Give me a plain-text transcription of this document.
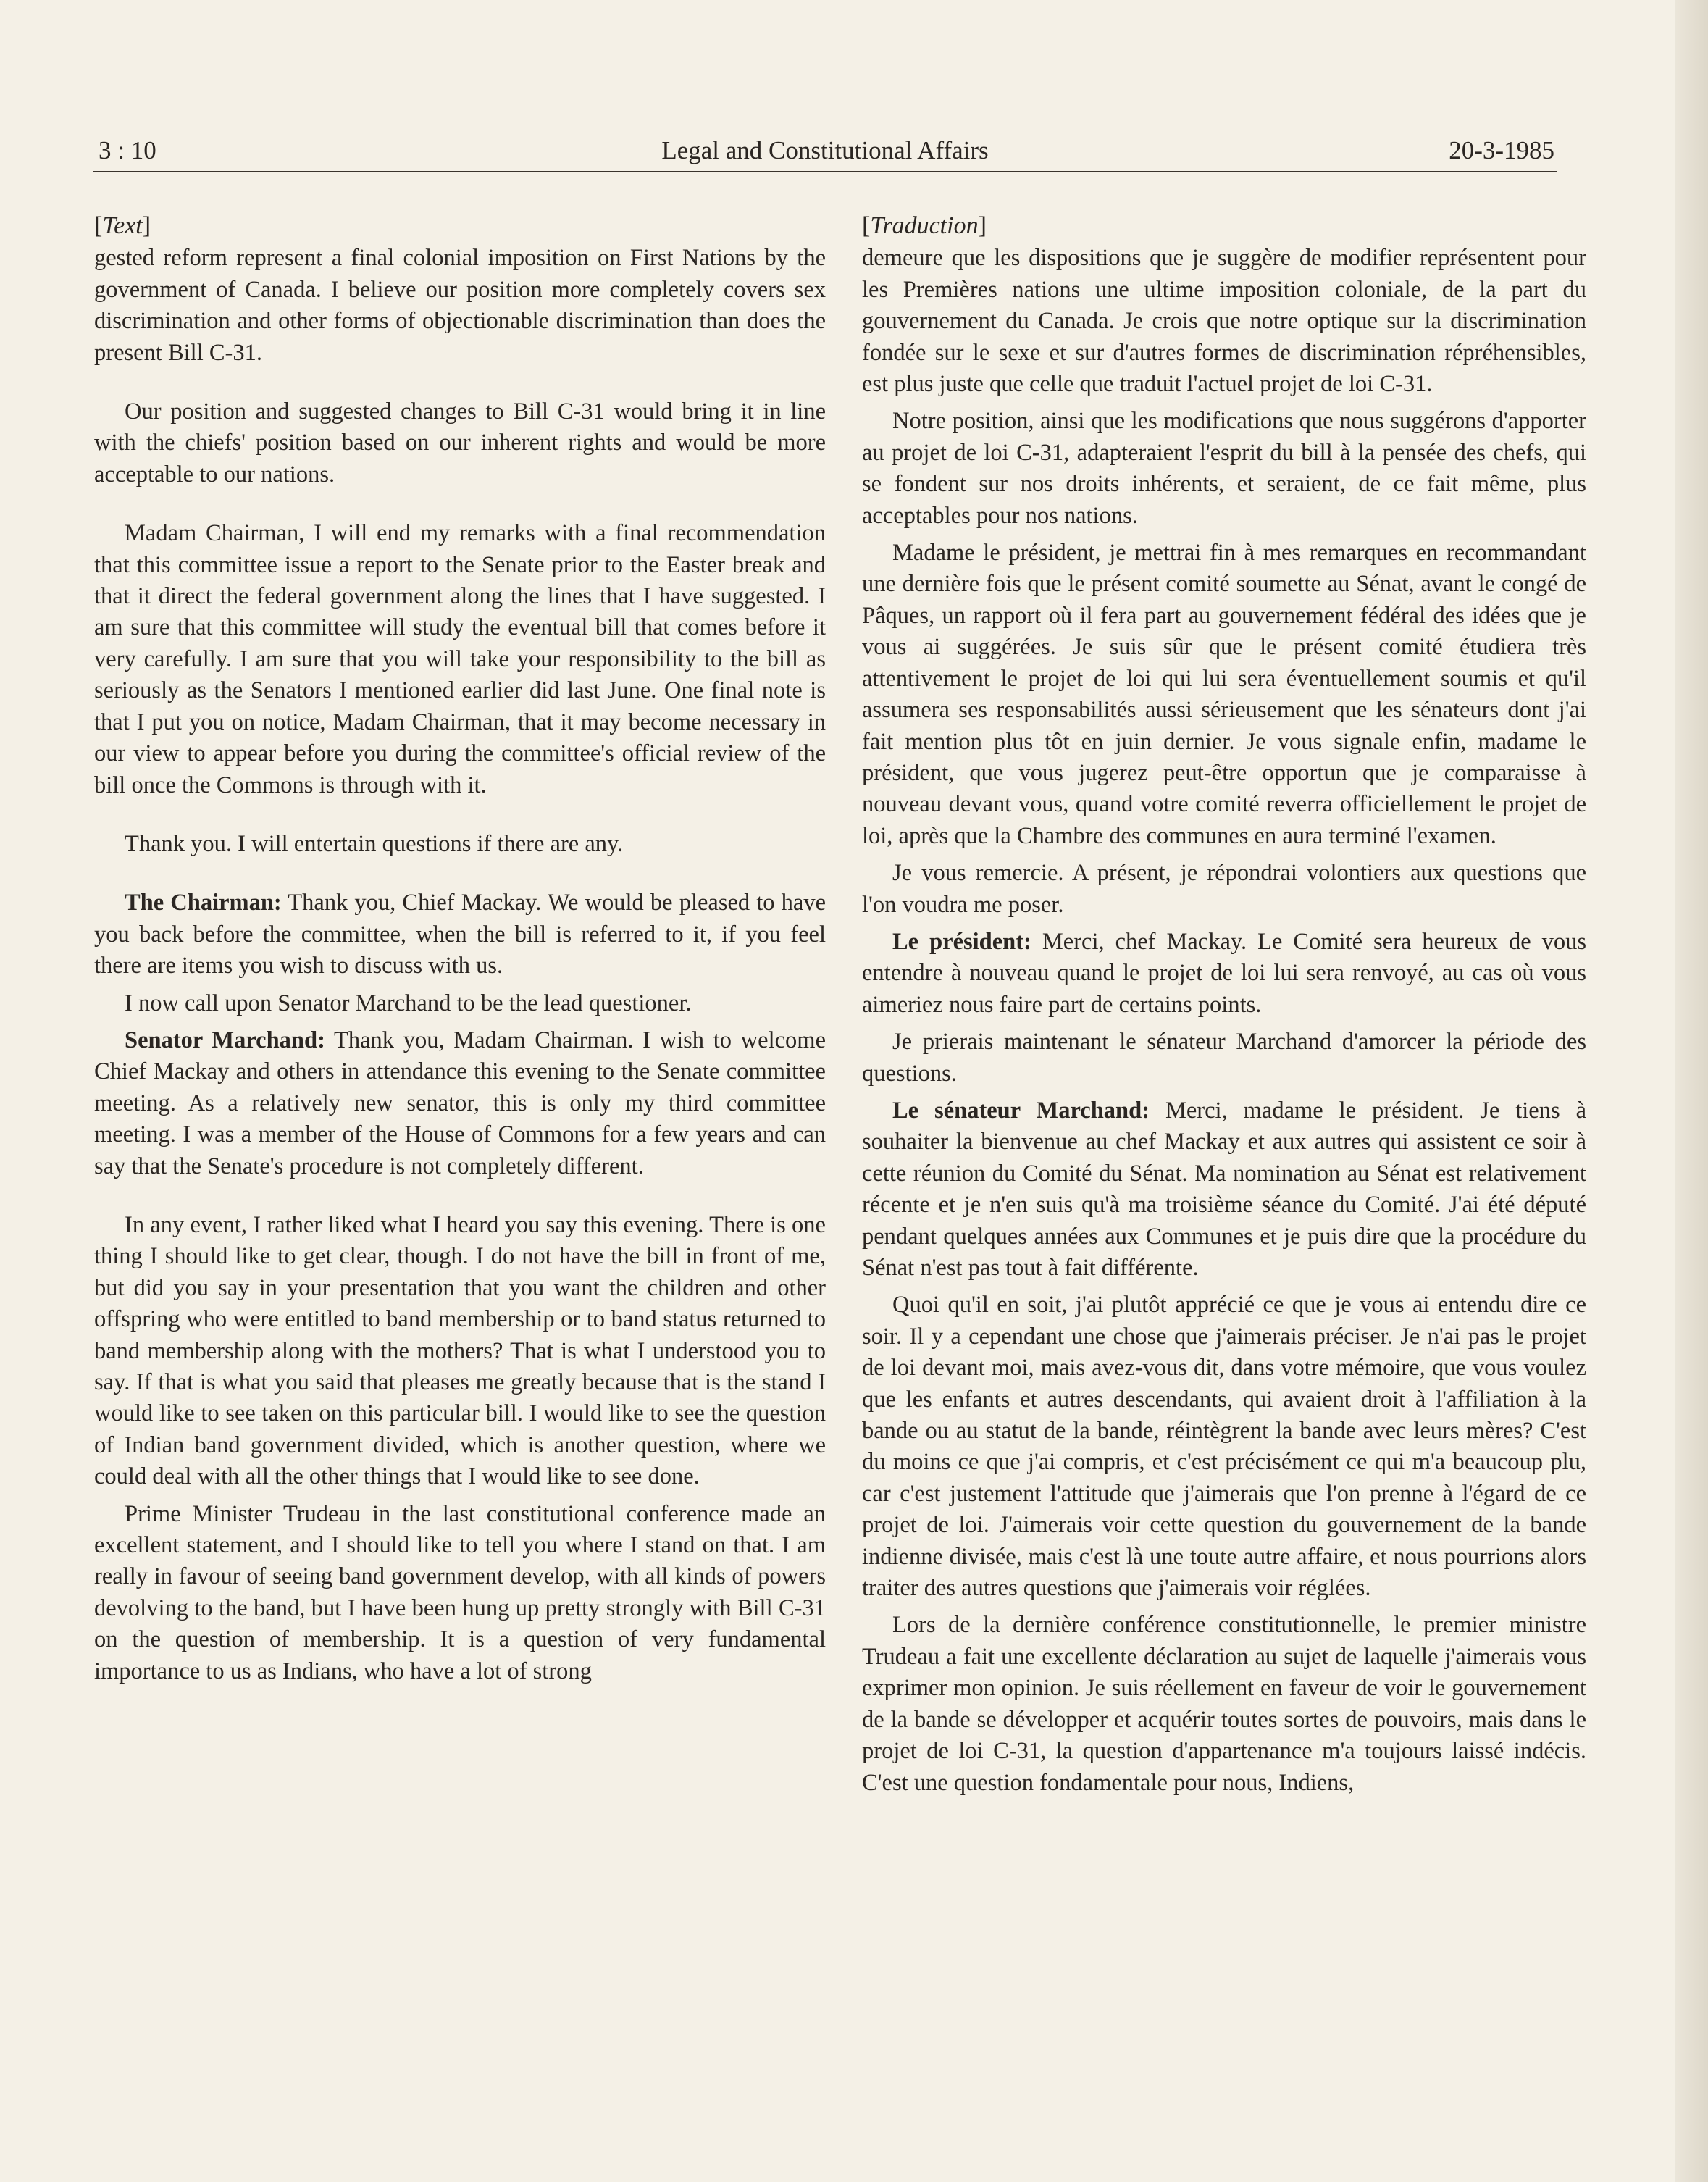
Legal and Constitutional Affairs
3 : 10	20-3-1985

[Text]

gested reform represent a final colonial imposition on First Nations by the government of Canada. I believe our position more completely covers sex discrimination and other forms of objectionable discrimination than does the present Bill C-31.

Our position and suggested changes to Bill C-31 would bring it in line with the chiefs' position based on our inherent rights and would be more acceptable to our nations.

Madam Chairman, I will end my remarks with a final recommendation that this committee issue a report to the Senate prior to the Easter break and that it direct the federal government along the lines that I have suggested. I am sure that this committee will study the eventual bill that comes before it very carefully. I am sure that you will take your responsibility to the bill as seriously as the Senators I mentioned earlier did last June. One final note is that I put you on notice, Madam Chairman, that it may become necessary in our view to appear before you during the committee's official review of the bill once the Commons is through with it.

Thank you. I will entertain questions if there are any.

The Chairman: Thank you, Chief Mackay. We would be pleased to have you back before the committee, when the bill is referred to it, if you feel there are items you wish to discuss with us.

I now call upon Senator Marchand to be the lead questioner.

Senator Marchand: Thank you, Madam Chairman. I wish to welcome Chief Mackay and others in attendance this evening to the Senate committee meeting. As a relatively new senator, this is only my third committee meeting. I was a member of the House of Commons for a few years and can say that the Senate's procedure is not completely different.

In any event, I rather liked what I heard you say this evening. There is one thing I should like to get clear, though. I do not have the bill in front of me, but did you say in your presentation that you want the children and other offspring who were entitled to band membership or to band status returned to band membership along with the mothers? That is what I understood you to say. If that is what you said that pleases me greatly because that is the stand I would like to see taken on this particular bill. I would like to see the question of Indian band government divided, which is another question, where we could deal with all the other things that I would like to see done.

Prime Minister Trudeau in the last constitutional conference made an excellent statement, and I should like to tell you where I stand on that. I am really in favour of seeing band government develop, with all kinds of powers devolving to the band, but I have been hung up pretty strongly with Bill C-31 on the question of membership. It is a question of very fundamental importance to us as Indians, who have a lot of strong

[Traduction]

demeure que les dispositions que je suggère de modifier représentent pour les Premières nations une ultime imposition coloniale, de la part du gouvernement du Canada. Je crois que notre optique sur la discrimination fondée sur le sexe et sur d'autres formes de discrimination répréhensibles, est plus juste que celle que traduit l'actuel projet de loi C-31.

Notre position, ainsi que les modifications que nous suggérons d'apporter au projet de loi C-31, adapteraient l'esprit du bill à la pensée des chefs, qui se fondent sur nos droits inhérents, et seraient, de ce fait même, plus acceptables pour nos nations.

Madame le président, je mettrai fin à mes remarques en recommandant une dernière fois que le présent comité soumette au Sénat, avant le congé de Pâques, un rapport où il fera part au gouvernement fédéral des idées que je vous ai suggérées. Je suis sûr que le présent comité étudiera très attentivement le projet de loi qui lui sera éventuellement soumis et qu'il assumera ses responsabilités aussi sérieusement que les sénateurs dont j'ai fait mention plus tôt en juin dernier. Je vous signale enfin, madame le président, que vous jugerez peut-être opportun que je comparaisse à nouveau devant vous, quand votre comité reverra officiellement le projet de loi, après que la Chambre des communes en aura terminé l'examen.

Je vous remercie. A présent, je répondrai volontiers aux questions que l'on voudra me poser.

Le président: Merci, chef Mackay. Le Comité sera heureux de vous entendre à nouveau quand le projet de loi lui sera renvoyé, au cas où vous aimeriez nous faire part de certains points.

Je prierais maintenant le sénateur Marchand d'amorcer la période des questions.

Le sénateur Marchand: Merci, madame le président. Je tiens à souhaiter la bienvenue au chef Mackay et aux autres qui assistent ce soir à cette réunion du Comité du Sénat. Ma nomination au Sénat est relativement récente et je n'en suis qu'à ma troisième séance du Comité. J'ai été député pendant quelques années aux Communes et je puis dire que la procédure du Sénat n'est pas tout à fait différente.

Quoi qu'il en soit, j'ai plutôt apprécié ce que je vous ai entendu dire ce soir. Il y a cependant une chose que j'aimerais préciser. Je n'ai pas le projet de loi devant moi, mais avez-vous dit, dans votre mémoire, que vous voulez que les enfants et autres descendants, qui avaient droit à l'affiliation à la bande ou au statut de la bande, réintègrent la bande avec leurs mères? C'est du moins ce que j'ai compris, et c'est précisément ce qui m'a beaucoup plu, car c'est justement l'attitude que j'aimerais que l'on prenne à l'égard de ce projet de loi. J'aimerais voir cette question du gouvernement de la bande indienne divisée, mais c'est là une toute autre affaire, et nous pourrions alors traiter des autres questions que j'aimerais voir réglées.

Lors de la dernière conférence constitutionnelle, le premier ministre Trudeau a fait une excellente déclaration au sujet de laquelle j'aimerais vous exprimer mon opinion. Je suis réellement en faveur de voir le gouvernement de la bande se développer et acquérir toutes sortes de pouvoirs, mais dans le projet de loi C-31, la question d'appartenance m'a toujours laissé indécis. C'est une question fondamentale pour nous, Indiens,
